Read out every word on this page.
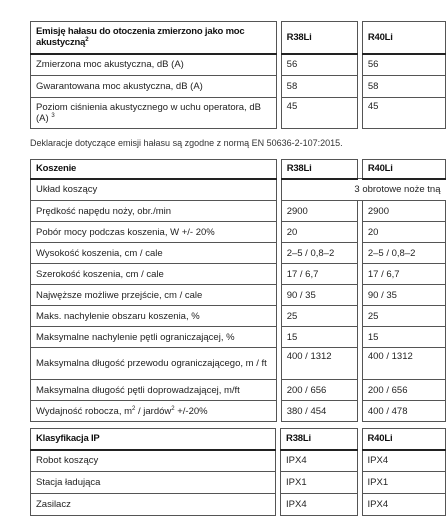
Emisję hałasu do otoczenia zmierzono jako moc akustyczną$^2$		R38Li		R40Li
Zmierzona moc akustyczna, dB (A)		56		56
Gwarantowana moc akustyczna, dB (A)		58		58
Poziom ciśnienia akustycznego w uchu operatora, dB (A) $^3$		45		45
Deklaracje dotyczące emisji hałasu są zgodne z normą EN 50636-2-107:2015.
Koszenie		R38Li		R40Li
Układ koszący		3 obrotowe noże tną		
Prędkość napędu noży, obr./min		2900		2900
Pobór mocy podczas koszenia, W +/- 20%		20		20
Wysokość koszenia, cm / cale		2–5 / 0,8–2		2–5 / 0,8–2
Szerokość koszenia, cm / cale		17 / 6,7		17 / 6,7
Najwęższe możliwe przejście, cm / cale		90 / 35		90 / 35
Maks. nachylenie obszaru koszenia, %		25		25
Maksymalne nachylenie pętli ograniczającej, %		15		15
Maksymalna długość przewodu ograniczającego, m / ft		400 / 1312		400 / 1312
Maksymalna długość pętli doprowadzającej, m/ft		200 / 656		200 / 656
Wydajność robocza, $m^2$ / jardów$^2$ +/-20%		380 / 454		400 / 478
Klasyfikacja IP		R38Li		R40Li
Robot koszący		IPX4		IPX4
Stacja ładująca		IPX1		IPX1
Zasilacz		IPX4		IPX4
